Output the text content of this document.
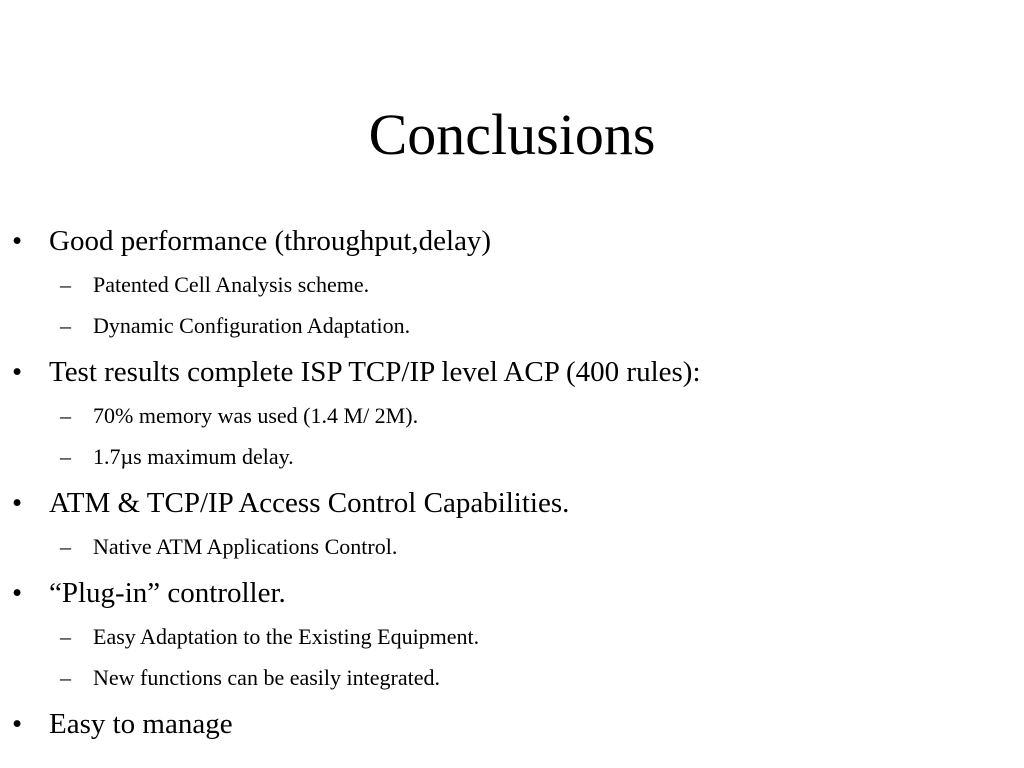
Conclusions
• Good performance (throughput,delay)
–	Patented Cell Analysis scheme.
–	Dynamic Configuration Adaptation.
• Test results complete ISP TCP/IP level ACP (400 rules):
–	70% memory was used (1.4 M/ 2M).
–	1.7µs maximum delay.
• ATM & TCP/IP Access Control Capabilities.
–	Native ATM Applications Control.
• “Plug-in” controller.
–	Easy Adaptation to the Existing Equipment.
–	New functions can be easily integrated.
• Easy to manage
